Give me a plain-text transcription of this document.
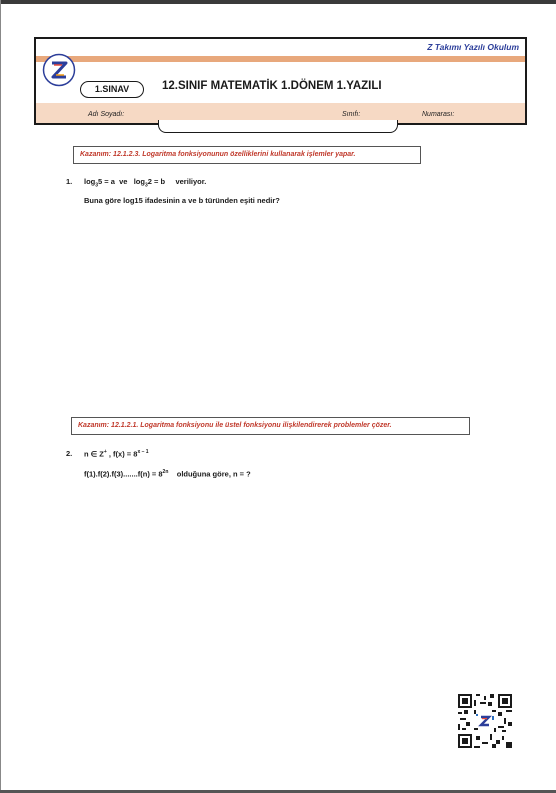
Z Takımı Yazılı Okulum
1.SINAV	12.SINIF MATEMATİK 1.DÖNEM 1.YAZILI
Adı Soyadı:	Sınıfı:	Numarası:
Kazanım: 12.1.2.3. Logaritma fonksiyonunun özelliklerini kullanarak işlemler yapar.
1. $\log_35 = a$ ve $\log_32 = b$ veriliyor.
Buna göre log15 ifadesinin a ve b türünden eşiti nedir?
Kazanım: 12.1.2.1. Logaritma fonksiyonu ile üstel fonksiyonu ilişkilendirerek problemler çözer.
2. n ∈ Z+ , $f(x) = 8^{x - 1}$
$f(1).f(2).f(3).......f(n) = 8^{2n}$ olduğuna göre, n = ?
